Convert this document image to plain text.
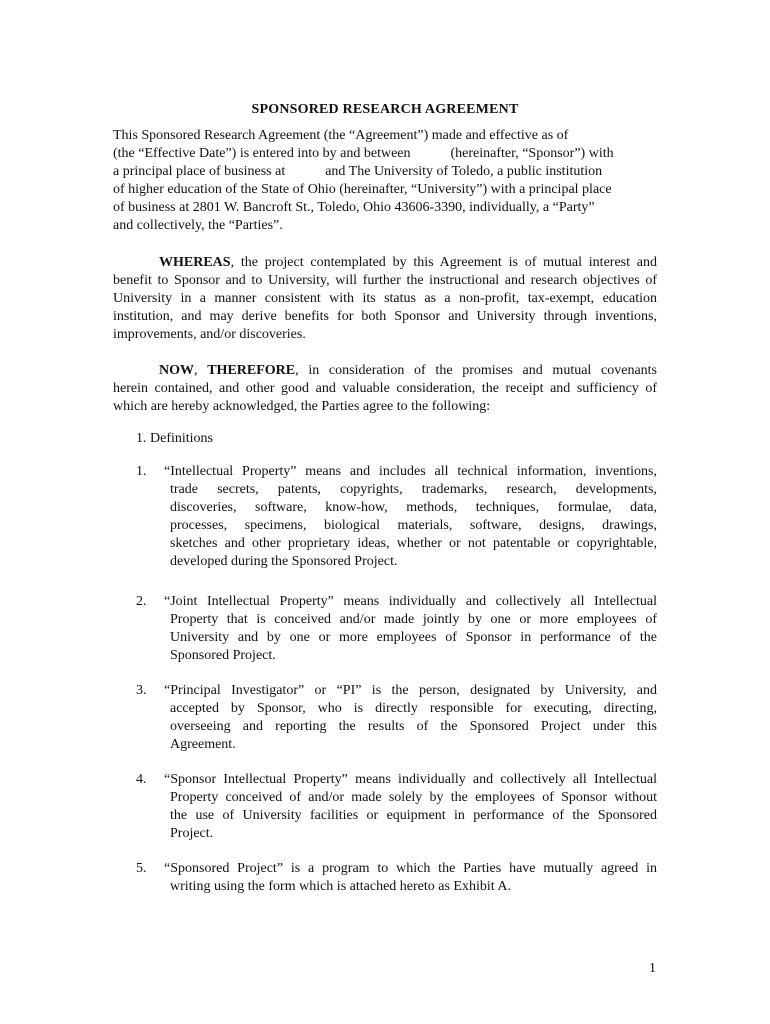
SPONSORED RESEARCH AGREEMENT
This Sponsored Research Agreement (the “Agreement”) made and effective as of
(the “Effective Date”) is entered into by and between	(hereinafter, “Sponsor”) with
a principal place of business at	and The University of Toledo, a public institution
of higher education of the State of Ohio (hereinafter, “University”) with a principal place
of business at 2801 W. Bancroft St., Toledo, Ohio 43606-3390, individually, a “Party”
and collectively, the “Parties”.
WHEREAS, the project contemplated by this Agreement is of mutual interest and
benefit to Sponsor and to University, will further the instructional and research objectives of
University in a manner consistent with its status as a non-profit, tax-exempt, education
institution, and may derive benefits for both Sponsor and University through inventions,
improvements, and/or discoveries.
NOW, THEREFORE, in consideration of the promises and mutual covenants
herein contained, and other good and valuable consideration, the receipt and sufficiency of
which are hereby acknowledged, the Parties agree to the following:
1. Definitions
1.	“Intellectual Property” means and includes all technical information, inventions,
trade secrets, patents, copyrights, trademarks, research, developments,
discoveries, software, know-how, methods, techniques, formulae, data,
processes, specimens, biological materials, software, designs, drawings,
sketches and other proprietary ideas, whether or not patentable or copyrightable,
developed during the Sponsored Project.
2.	“Joint Intellectual Property” means individually and collectively all Intellectual
Property that is conceived and/or made jointly by one or more employees of
University and by one or more employees of Sponsor in performance of the
Sponsored Project.
3.	“Principal Investigator” or “PI” is the person, designated by University, and
accepted by Sponsor, who is directly responsible for executing, directing,
overseeing and reporting the results of the Sponsored Project under this
Agreement.
4.	“Sponsor Intellectual Property” means individually and collectively all Intellectual
Property conceived of and/or made solely by the employees of Sponsor without
the use of University facilities or equipment in performance of the Sponsored
Project.
5.	“Sponsored Project” is a program to which the Parties have mutually agreed in
writing using the form which is attached hereto as Exhibit A.
1
